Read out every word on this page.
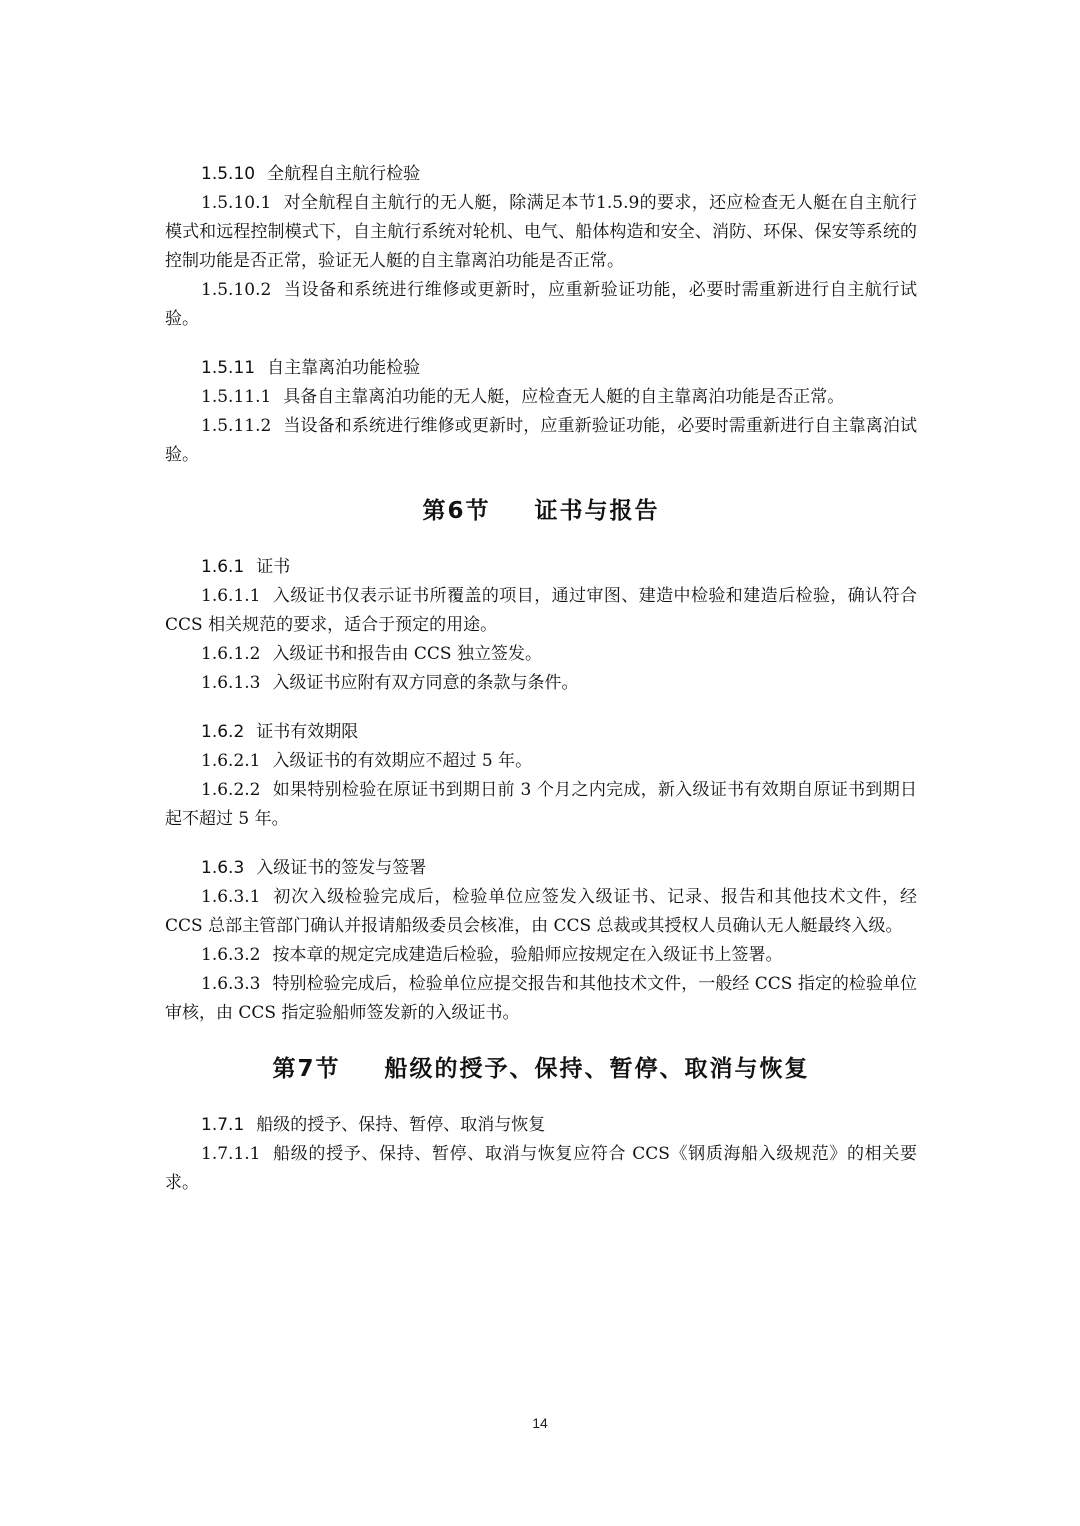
1.5.10 全航程自主航行检验
1.5.10.1 对全航程自主航行的无人艇，除满足本节1.5.9的要求，还应检查无人艇在自主航行模式和远程控制模式下，自主航行系统对轮机、电气、船体构造和安全、消防、环保、保安等系统的控制功能是否正常，验证无人艇的自主靠离泊功能是否正常。
1.5.10.2 当设备和系统进行维修或更新时，应重新验证功能，必要时需重新进行自主航行试验。
1.5.11 自主靠离泊功能检验
1.5.11.1 具备自主靠离泊功能的无人艇，应检查无人艇的自主靠离泊功能是否正常。
1.5.11.2 当设备和系统进行维修或更新时，应重新验证功能，必要时需重新进行自主靠离泊试验。
第6节 证书与报告
1.6.1 证书
1.6.1.1 入级证书仅表示证书所覆盖的项目，通过审图、建造中检验和建造后检验，确认符合 CCS 相关规范的要求，适合于预定的用途。
1.6.1.2 入级证书和报告由 CCS 独立签发。
1.6.1.3 入级证书应附有双方同意的条款与条件。
1.6.2 证书有效期限
1.6.2.1 入级证书的有效期应不超过 5 年。
1.6.2.2 如果特别检验在原证书到期日前 3 个月之内完成，新入级证书有效期自原证书到期日起不超过 5 年。
1.6.3 入级证书的签发与签署
1.6.3.1 初次入级检验完成后，检验单位应签发入级证书、记录、报告和其他技术文件，经 CCS 总部主管部门确认并报请船级委员会核准，由 CCS 总裁或其授权人员确认无人艇最终入级。
1.6.3.2 按本章的规定完成建造后检验，验船师应按规定在入级证书上签署。
1.6.3.3 特别检验完成后，检验单位应提交报告和其他技术文件，一般经 CCS 指定的检验单位审核，由 CCS 指定验船师签发新的入级证书。
第7节 船级的授予、保持、暂停、取消与恢复
1.7.1 船级的授予、保持、暂停、取消与恢复
1.7.1.1 船级的授予、保持、暂停、取消与恢复应符合 CCS《钢质海船入级规范》的相关要求。
14
